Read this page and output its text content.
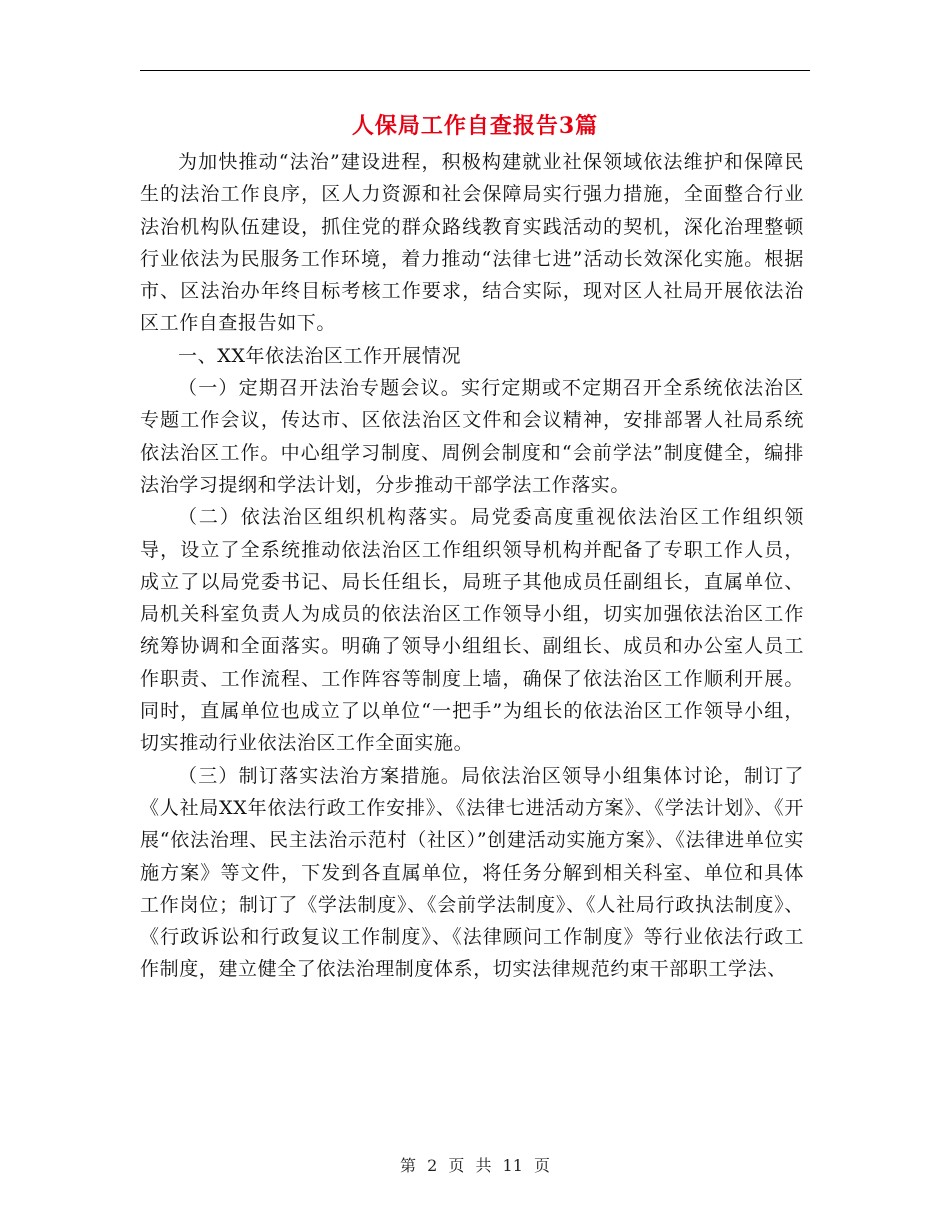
人保局工作自查报告3篇

为加快推动“法治”建设进程，积极构建就业社保领域依法维护和保障民生的法治工作良序，区人力资源和社会保障局实行强力措施，全面整合行业法治机构队伍建设，抓住党的群众路线教育实践活动的契机，深化治理整顿行业依法为民服务工作环境，着力推动“法律七进”活动长效深化实施。根据市、区法治办年终目标考核工作要求，结合实际，现对区人社局开展依法治区工作自查报告如下。

一、XX年依法治区工作开展情况

（一）定期召开法治专题会议。实行定期或不定期召开全系统依法治区专题工作会议，传达市、区依法治区文件和会议精神，安排部署人社局系统依法治区工作。中心组学习制度、周例会制度和“会前学法”制度健全，编排法治学习提纲和学法计划，分步推动干部学法工作落实。

（二）依法治区组织机构落实。局党委高度重视依法治区工作组织领导，设立了全系统推动依法治区工作组织领导机构并配备了专职工作人员，成立了以局党委书记、局长任组长，局班子其他成员任副组长，直属单位、局机关科室负责人为成员的依法治区工作领导小组，切实加强依法治区工作统筹协调和全面落实。明确了领导小组组长、副组长、成员和办公室人员工作职责、工作流程、工作阵容等制度上墙，确保了依法治区工作顺利开展。同时，直属单位也成立了以单位“一把手”为组长的依法治区工作领导小组，切实推动行业依法治区工作全面实施。

（三）制订落实法治方案措施。局依法治区领导小组集体讨论，制订了《人社局XX年依法行政工作安排》、《法律七进活动方案》、《学法计划》、《开展“依法治理、民主法治示范村（社区）”创建活动实施方案》、《法律进单位实施方案》等文件，下发到各直属单位，将任务分解到相关科室、单位和具体工作岗位；制订了《学法制度》、《会前学法制度》、《人社局行政执法制度》、《行政诉讼和行政复议工作制度》、《法律顾问工作制度》等行业依法行政工作制度，建立健全了依法治理制度体系，切实法律规范约束干部职工学法、

第 2 页 共 11 页
